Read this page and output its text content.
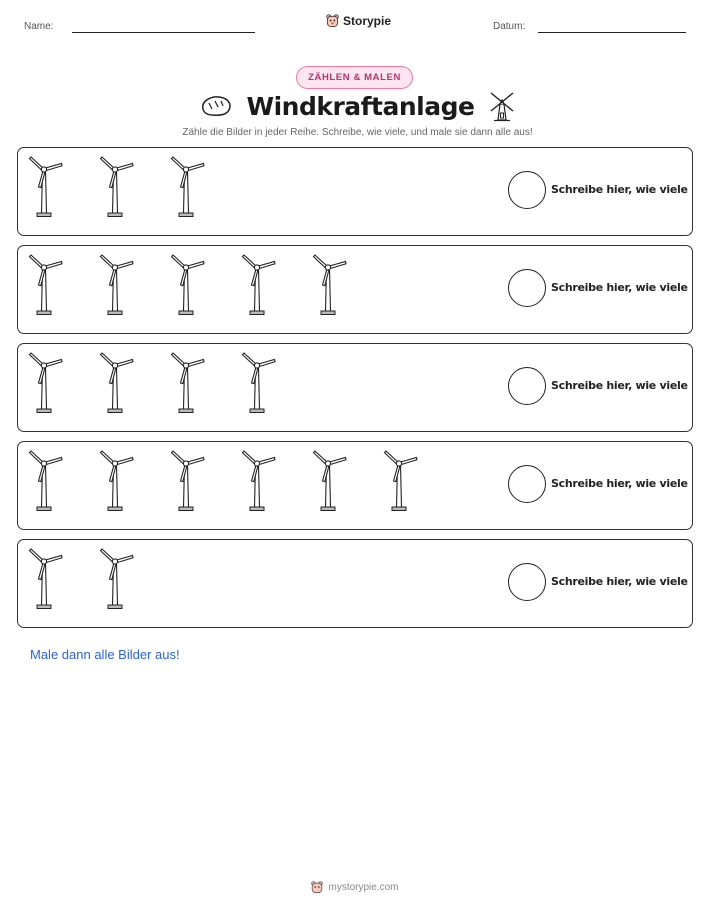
Name:	Storypie	Datum:
ZÄHLEN & MALEN
Windkraftanlage
Zähle die Bilder in jeder Reihe. Schreibe, wie viele, und male sie dann alle aus!
Schreibe hier, wie viele
Schreibe hier, wie viele
Schreibe hier, wie viele
Schreibe hier, wie viele
Schreibe hier, wie viele
Male dann alle Bilder aus!
mystorypie.com
